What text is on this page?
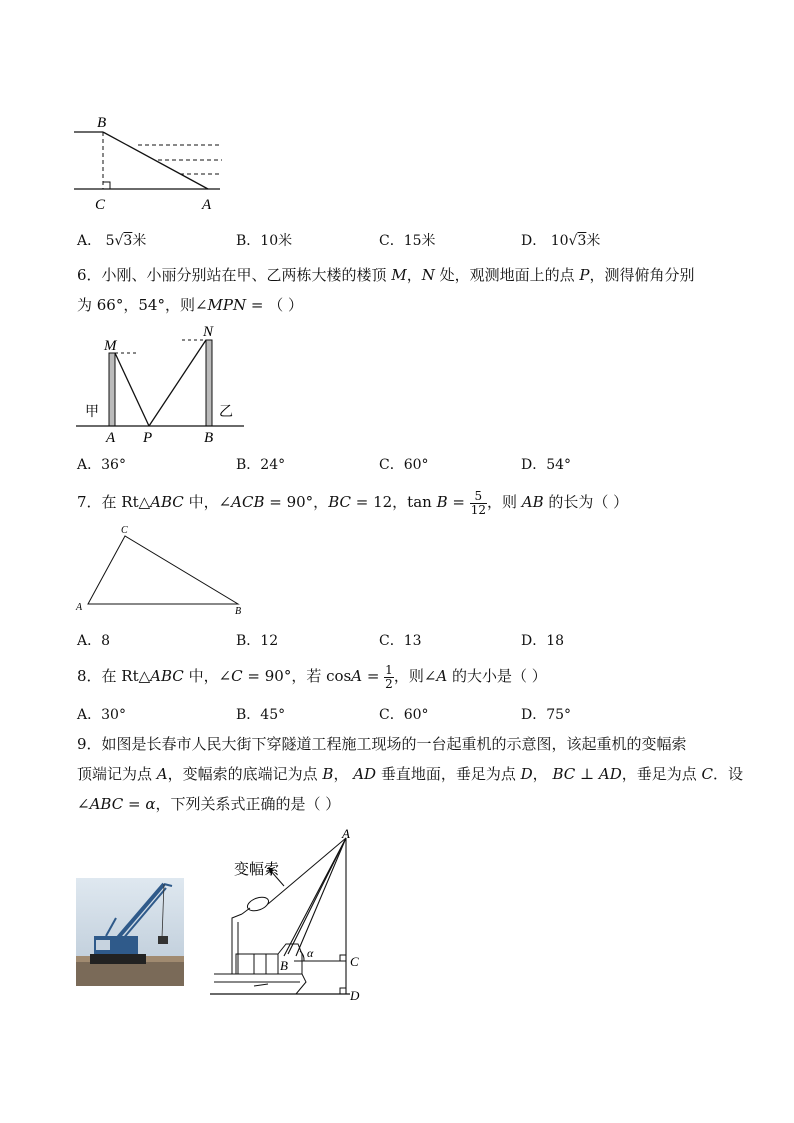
B
C	A
A． 5√3米	B．10米	C．15米	D． 10√3米
6．小刚、小丽分别站在甲、乙两栋大楼的楼顶 M，N 处，观测地面上的点 P，测得俯角分别
为 66°，54°，则∠MPN = （ ）
M
N
A P	B
甲	乙
A．36°	B．24°	C．60°	D．54°
7．在 Rt△ABC 中，∠ACB = 90°，BC = 12，$\tan B = \frac{5}{12}$ ，则 AB 的长为（ ）
C
A	B
A．8	B．12	C．13	D．18
8．在 Rt△ABC 中，∠C = 90°，若 $\cos A = \frac{1}{2}$ ，则∠A 的大小是（ ）
A．30°	B．45°	C．60°	D．75°
9．如图是长春市人民大街下穿隧道工程施工现场的一台起重机的示意图，该起重机的变幅索
顶端记为点 A，变幅索的底端记为点 B， AD 垂直地面，垂足为点 D， BC ⊥ AD，垂足为点 C．设
∠ABC = α，下列关系式正确的是（ ）
变幅索
A
B
α
C
D
